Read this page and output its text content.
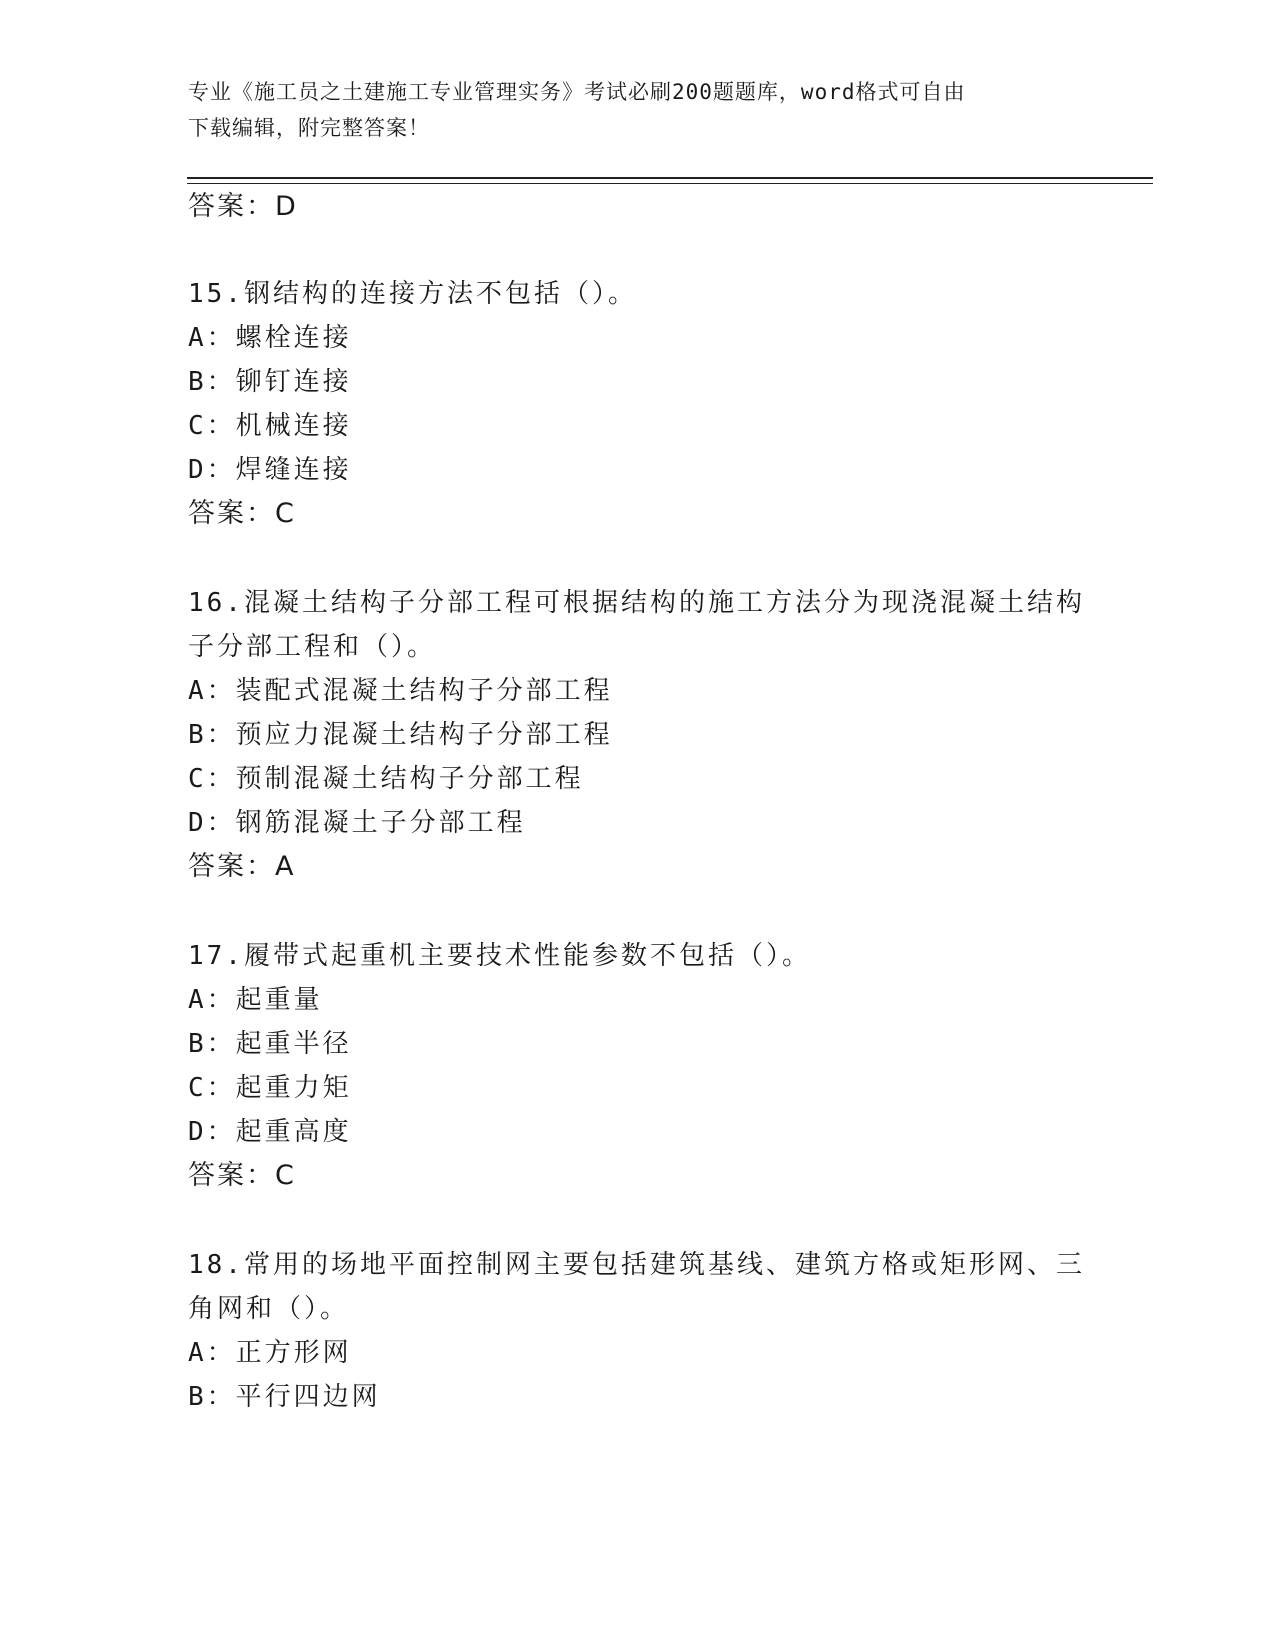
专业《施工员之土建施工专业管理实务》考试必刷200题题库，word格式可自由
下载编辑，附完整答案！
答案：D
15.钢结构的连接方法不包括（）。
A：螺栓连接
B：铆钉连接
C：机械连接
D：焊缝连接
答案：C
16.混凝土结构子分部工程可根据结构的施工方法分为现浇混凝土结构
子分部工程和（）。
A：装配式混凝土结构子分部工程
B：预应力混凝土结构子分部工程
C：预制混凝土结构子分部工程
D：钢筋混凝土子分部工程
答案：A
17.履带式起重机主要技术性能参数不包括（）。
A：起重量
B：起重半径
C：起重力矩
D：起重高度
答案：C
18.常用的场地平面控制网主要包括建筑基线、建筑方格或矩形网、三
角网和（）。
A：正方形网
B：平行四边网
